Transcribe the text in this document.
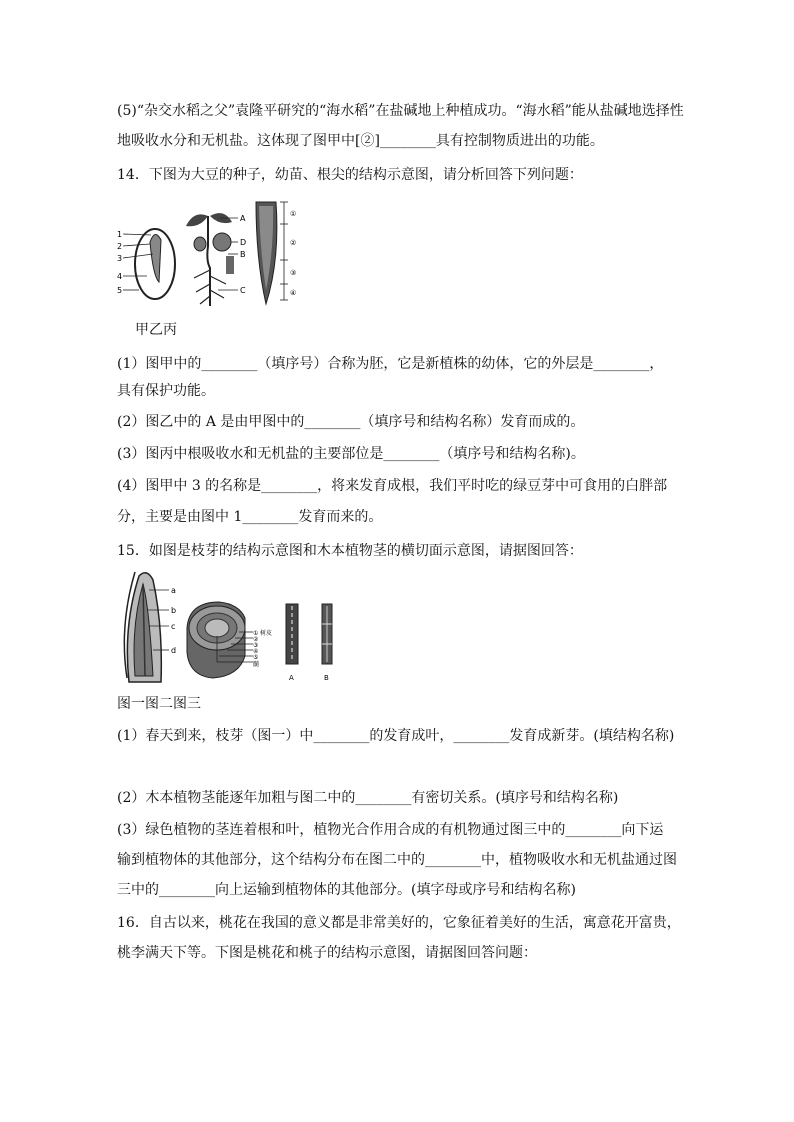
(5)“杂交水稻之父”袁隆平研究的“海水稻”在盐碱地上种植成功。“海水稻”能从盐碱地选择性
地吸收水分和无机盐。这体现了图甲中[②]________具有控制物质进出的功能。
14．下图为大豆的种子，幼苗、根尖的结构示意图，请分析回答下列问题：
1
2
3
4
5
A
D
B
C
①
②
③
④
甲乙丙
(1）图甲中的________（填序号）合称为胚，它是新植株的幼体，它的外层是________，
具有保护功能。
(2）图乙中的 A 是由甲图中的________（填序号和结构名称）发育而成的。
(3）图丙中根吸收水和无机盐的主要部位是________（填序号和结构名称)。
(4）图甲中 3 的名称是________，将来发育成根，我们平时吃的绿豆芽中可食用的白胖部
分，主要是由图中 1________发育而来的。
15．如图是枝芽的结构示意图和木本植物茎的横切面示意图，请据图回答：
a
b
c
d
① 树皮
②
③
④
⑤
髓
A	B
图一图二图三
(1）春天到来，枝芽（图一）中________的发育成叶，________发育成新芽。(填结构名称)
(2）木本植物茎能逐年加粗与图二中的________有密切关系。(填序号和结构名称)
(3）绿色植物的茎连着根和叶，植物光合作用合成的有机物通过图三中的________向下运
输到植物体的其他部分，这个结构分布在图二中的________中，植物吸收水和无机盐通过图
三中的________向上运输到植物体的其他部分。(填字母或序号和结构名称)
16．自古以来，桃花在我国的意义都是非常美好的，它象征着美好的生活，寓意花开富贵，
桃李满天下等。下图是桃花和桃子的结构示意图，请据图回答问题：
